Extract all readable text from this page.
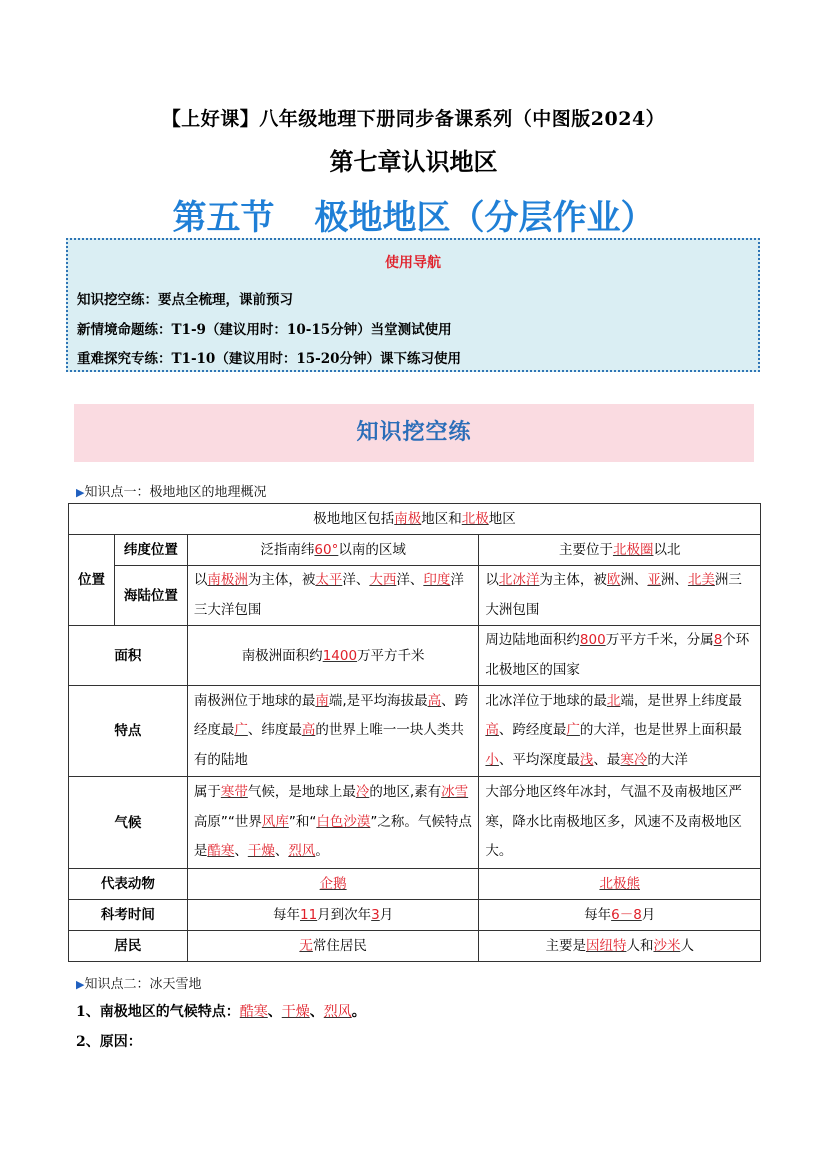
【上好课】八年级地理下册同步备课系列（中图版2024）
第七章认识地区
第五节 极地地区（分层作业）
使用导航
知识挖空练：要点全梳理，课前预习
新情境命题练：T1-9（建议用时：10-15分钟）当堂测试使用
重难探究专练：T1-10（建议用时：15-20分钟）课下练习使用
知识挖空练
▶知识点一：极地地区的地理概况
极地地区包括南极地区和北极地区			
位置	纬度位置	泛指南纬60°以南的区域	主要位于北极圈以北
	海陆位置	以南极洲为主体，被太平洋、大西洋、印度洋三大洋包围	以北冰洋为主体，被欧洲、亚洲、北美洲三大洲包围
面积		南极洲面积约1400万平方千米	周边陆地面积约800万平方千米，分属8个环北极地区的国家
特点		南极洲位于地球的最南端,是平均海拔最高、跨经度最广、纬度最高的世界上唯一一块人类共有的陆地	北冰洋位于地球的最北端，是世界上纬度最高、跨经度最广的大洋，也是世界上面积最小、平均深度最浅、最寒冷的大洋
气候		属于寒带气候，是地球上最冷的地区,素有冰雪高原”“世界风库”和“白色沙漠”之称。气候特点是酷寒、干燥、烈风。	大部分地区终年冰封，气温不及南极地区严寒，降水比南极地区多，风速不及南极地区大。
代表动物		企鹅	北极熊
科考时间		每年11月到次年3月	每年6－8月
居民		无常住居民	主要是因纽特人和沙米人
▶知识点二：冰天雪地
1、南极地区的气候特点：酷寒、干燥、烈风。
2、原因：
